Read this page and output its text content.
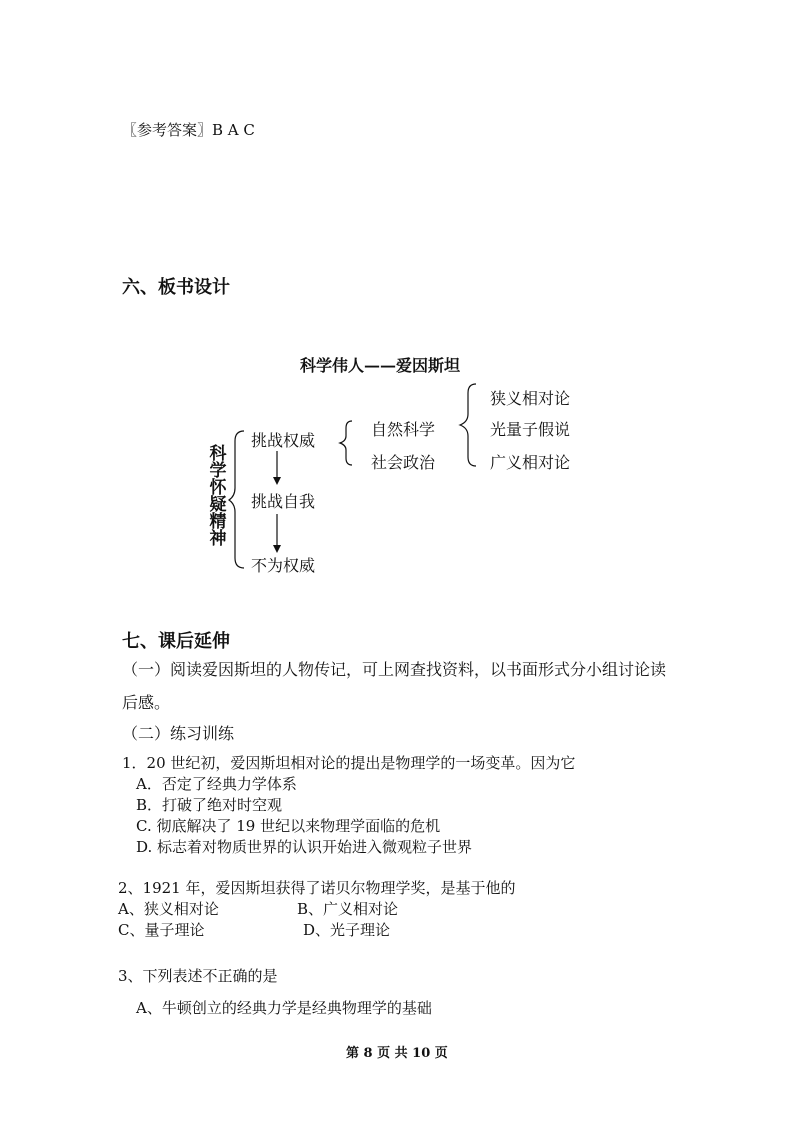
〖参考答案〗B A C
六、板书设计
科学伟人——爱因斯坦
科学怀疑精神
挑战权威
挑战自我
不为权威
自然科学
社会政治
狭义相对论
光量子假说
广义相对论
七、课后延伸
（一）阅读爱因斯坦的人物传记，可上网查找资料，以书面形式分小组讨论读
后感。
（二）练习训练
1．20 世纪初，爱因斯坦相对论的提出是物理学的一场变革。因为它
A．否定了经典力学体系
B．打破了绝对时空观
C. 彻底解决了 19 世纪以来物理学面临的危机
D. 标志着对物质世界的认识开始进入微观粒子世界
2、1921 年，爱因斯坦获得了诺贝尔物理学奖，是基于他的
A、狭义相对论	B、广义相对论
C、量子理论	D、光子理论
3、下列表述不正确的是
A、牛顿创立的经典力学是经典物理学的基础
第 8 页 共 10 页
